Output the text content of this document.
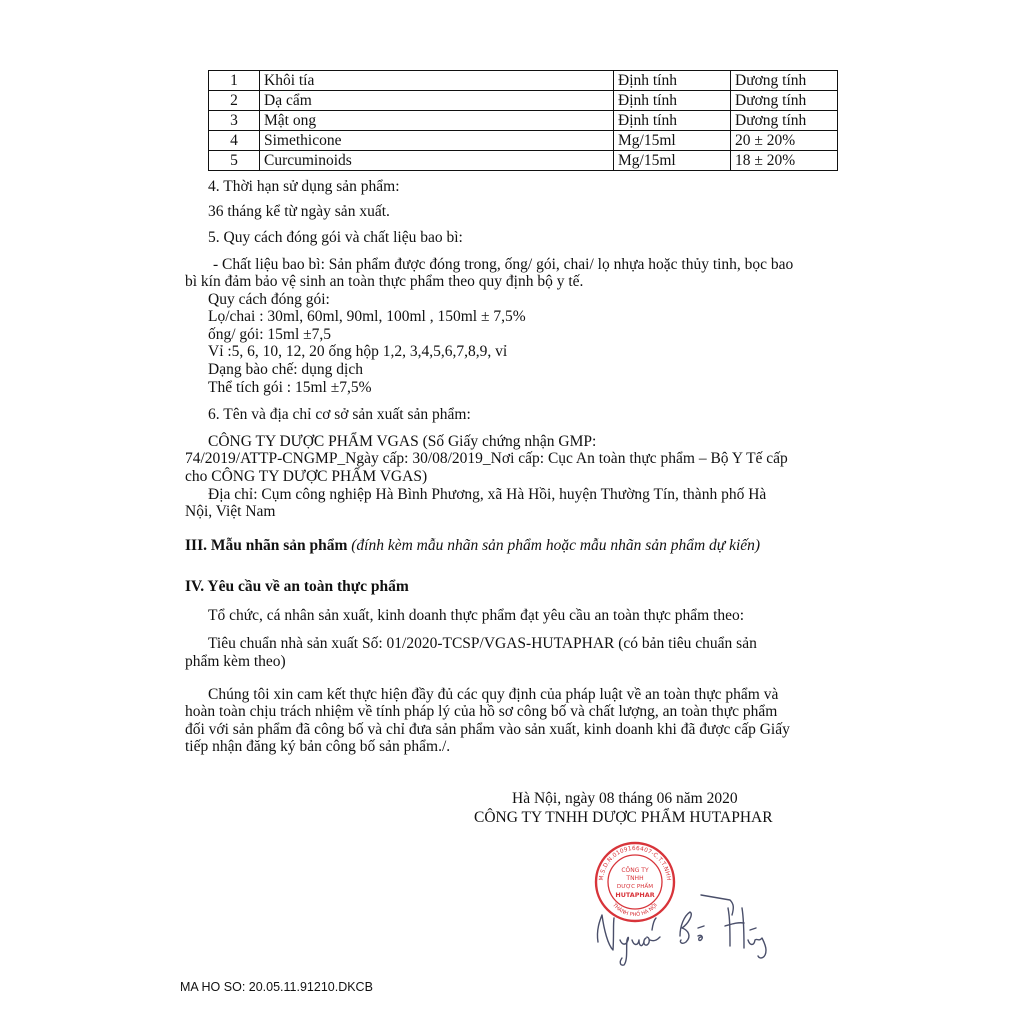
1	Khôi tía	Định tính	Dương tính
2	Dạ cẩm	Định tính	Dương tính
3	Mật ong	Định tính	Dương tính
4	Simethicone	Mg/15ml	20 ± 20%
5	Curcuminoids	Mg/15ml	18 ± 20%
4. Thời hạn sử dụng sản phẩm:
36 tháng kể từ ngày sản xuất.
5. Quy cách đóng gói và chất liệu bao bì:
- Chất liệu bao bì: Sản phẩm được đóng trong, ống/ gói, chai/ lọ nhựa hoặc thủy tinh, bọc bao
bì kín đảm bảo vệ sinh an toàn thực phẩm theo quy định bộ y tế.
Quy cách đóng gói:
Lọ/chai : 30ml, 60ml, 90ml, 100ml , 150ml ± 7,5%
ống/ gói: 15ml ±7,5
Vỉ :5, 6, 10, 12, 20 ống hộp 1,2, 3,4,5,6,7,8,9, vỉ
Dạng bào chế: dụng dịch
Thể tích gói : 15ml ±7,5%
6. Tên và địa chỉ cơ sở sản xuất sản phẩm:
CÔNG TY DƯỢC PHẨM VGAS (Số Giấy chứng nhận GMP:
74/2019/ATTP-CNGMP_Ngày cấp: 30/08/2019_Nơi cấp: Cục An toàn thực phẩm – Bộ Y Tế cấp
cho CÔNG TY DƯỢC PHẨM VGAS)
Địa chỉ: Cụm công nghiệp Hà Bình Phương, xã Hà Hồi, huyện Thường Tín, thành phố Hà
Nội, Việt Nam
III. Mẫu nhãn sản phẩm (đính kèm mẫu nhãn sản phẩm hoặc mẫu nhãn sản phẩm dự kiến)
IV. Yêu cầu về an toàn thực phẩm
Tổ chức, cá nhân sản xuất, kinh doanh thực phẩm đạt yêu cầu an toàn thực phẩm theo:
Tiêu chuẩn nhà sản xuất Số: 01/2020-TCSP/VGAS-HUTAPHAR (có bản tiêu chuẩn sản
phẩm kèm theo)
Chúng tôi xin cam kết thực hiện đầy đủ các quy định của pháp luật về an toàn thực phẩm và
hoàn toàn chịu trách nhiệm về tính pháp lý của hồ sơ công bố và chất lượng, an toàn thực phẩm
đối với sản phẩm đã công bố và chỉ đưa sản phẩm vào sản xuất, kinh doanh khi đã được cấp Giấy
tiếp nhận đăng ký bản công bố sản phẩm./.
Hà Nội, ngày 08 tháng 06 năm 2020
CÔNG TY TNHH DƯỢC PHẨM HUTAPHAR
M.S.D.N.0109166407-C.T.T.NHH
THÀNH PHỐ HÀ NỘI
CÔNG TY
TNHH
DƯỢC PHẨM
HUTAPHAR
MA HO SO: 20.05.11.91210.DKCB
